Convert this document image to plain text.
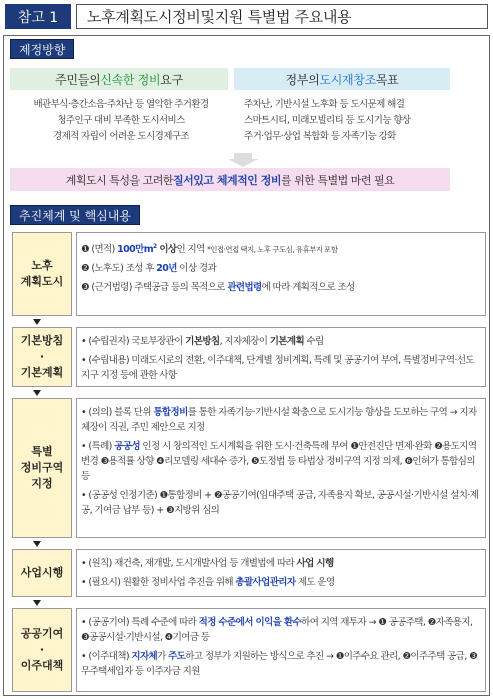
참고 1	노후계획도시정비및지원 특별법 주요내용
제정방향
주민들의 신속한 정비 요구	정부의 도시재창조 목표
배관부식·층간소음·주차난 등 열악한 주거환경
청주인구 대비 부족한 도시서비스
경제적 자립이 어려운 도시경제구조
주차난, 기반시설 노후화 등 도시문제 해결
스마트시티, 미래모빌리티 등 도시기능 향상
주거·업무·상업 복합화 등 자족기능 강화
계획도시 특성을 고려한 질서있고 체계적인 정비 를 위한 특별법 마련 필요
추진체계 및 핵심내용
노후
계획도시

❶ (면적) 100만$m^2$ 이상인 지역 *인접·연접 택지, 노후 구도심, 유휴부지 포함

❷ (노후도) 조성 후 20년 이상 경과

❸ (근거법령) 주택공급 등의 목적으로 관련법령에 따라 계획적으로 조성

기본방침
·
기본계획

• (수립권자) 국토부장관이 기본방침, 지자체장이 기본계획 수립

• (수립내용) 미래도시로의 전환, 이주대책, 단계별 정비계획, 특례 및 공공기여 부여, 특별정비구역·선도지구 지정 등에 관한 사항

특별
정비구역
지정

• (의의) 블록 단위 통합정비를 통한 자족기능·기반시설 확충으로 도시기능 향상을 도모하는 구역 → 지자체장이 직권, 주민 제안으로 지정

• (특례) 공공성 인정 시 창의적인 도시계획을 위한 도시·건축특례 부여 ❶안전진단 면제·완화 ❷용도지역 변경 ❸용적률 상향 ❹리모델링 세대수 증가, ❺도정법 등 타법상 정비구역 지정 의제, ❻인허가 통합심의 등

• (공공성 인정기준) ❶통합정비 + ❷공공기여(임대주택 공급, 자족용지 확보, 공공시설·기반시설 설치·제공, 기여금 납부 등) + ❸지방위 심의

사업시행

• (원칙) 재건축, 재개발, 도시개발사업 등 개별법에 따라 사업 시행

• (필요시) 원활한 정비사업 추진을 위해 총괄사업관리자 제도 운영

공공기여
·
이주대책

• (공공기여) 특례 수준에 따라 적정 수준에서 이익을 환수하여 지역 재투자 → ❶ 공공주택, ❷자족용지, ❸공공시설·기반시설, ❹기여금 등

• (이주대책) 지자체가 주도하고 정부가 지원하는 방식으로 추진 → ❶이주수요 관리, ❷이주주택 공급, ❸무주택세입자 등 이주자금 지원
